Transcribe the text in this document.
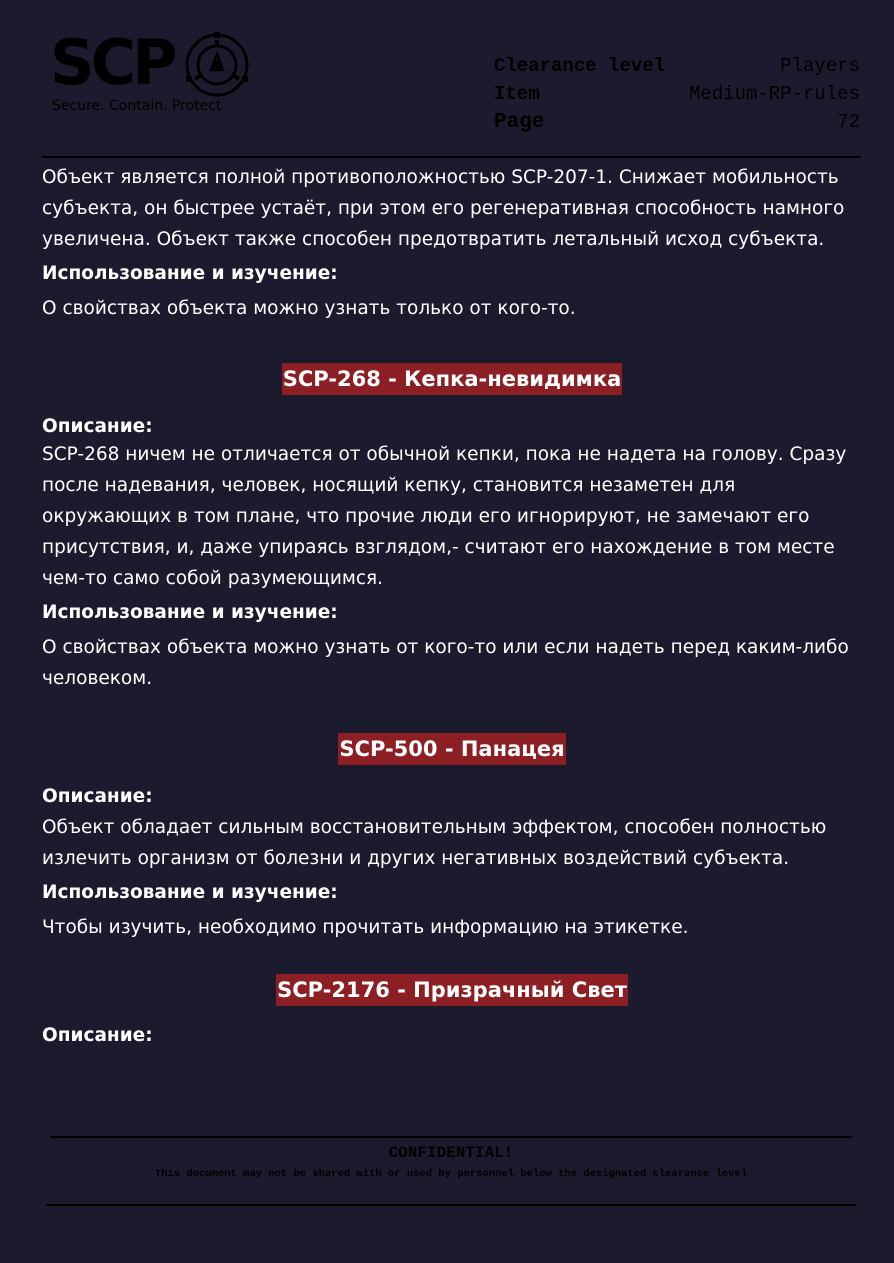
SCP
Secure. Contain. Protect
Clearance level	Players
Item	Medium-RP-rules
Page	72

Объект является полной противоположностью SCP-207-1. Снижает мобильность субъекта, он быстрее устаёт, при этом его регенеративная способность намного увеличена. Объект также способен предотвратить летальный исход субъекта.

Использование и изучение:

О свойствах объекта можно узнать только от кого-то.

SCP-268 - Кепка-невидимка
Описание:

SCP-268 ничем не отличается от обычной кепки, пока не надета на голову. Сразу после надевания, человек, носящий кепку, становится незаметен для окружающих в том плане, что прочие люди его игнорируют, не замечают его присутствия, и, даже упираясь взглядом,- считают его нахождение в том месте чем-то само собой разумеющимся.

Использование и изучение:

О свойствах объекта можно узнать от кого-то или если надеть перед каким-либо человеком.

SCP-500 - Панацея
Описание:

Объект обладает сильным восстановительным эффектом, способен полностью излечить организм от болезни и других негативных воздействий субъекта.

Использование и изучение:

Чтобы изучить, необходимо прочитать информацию на этикетке.

SCP-2176 - Призрачный Свет
Описание:
CONFIDENTIAL!
This document may not be shared with or used by personnel below the designated clearance level
